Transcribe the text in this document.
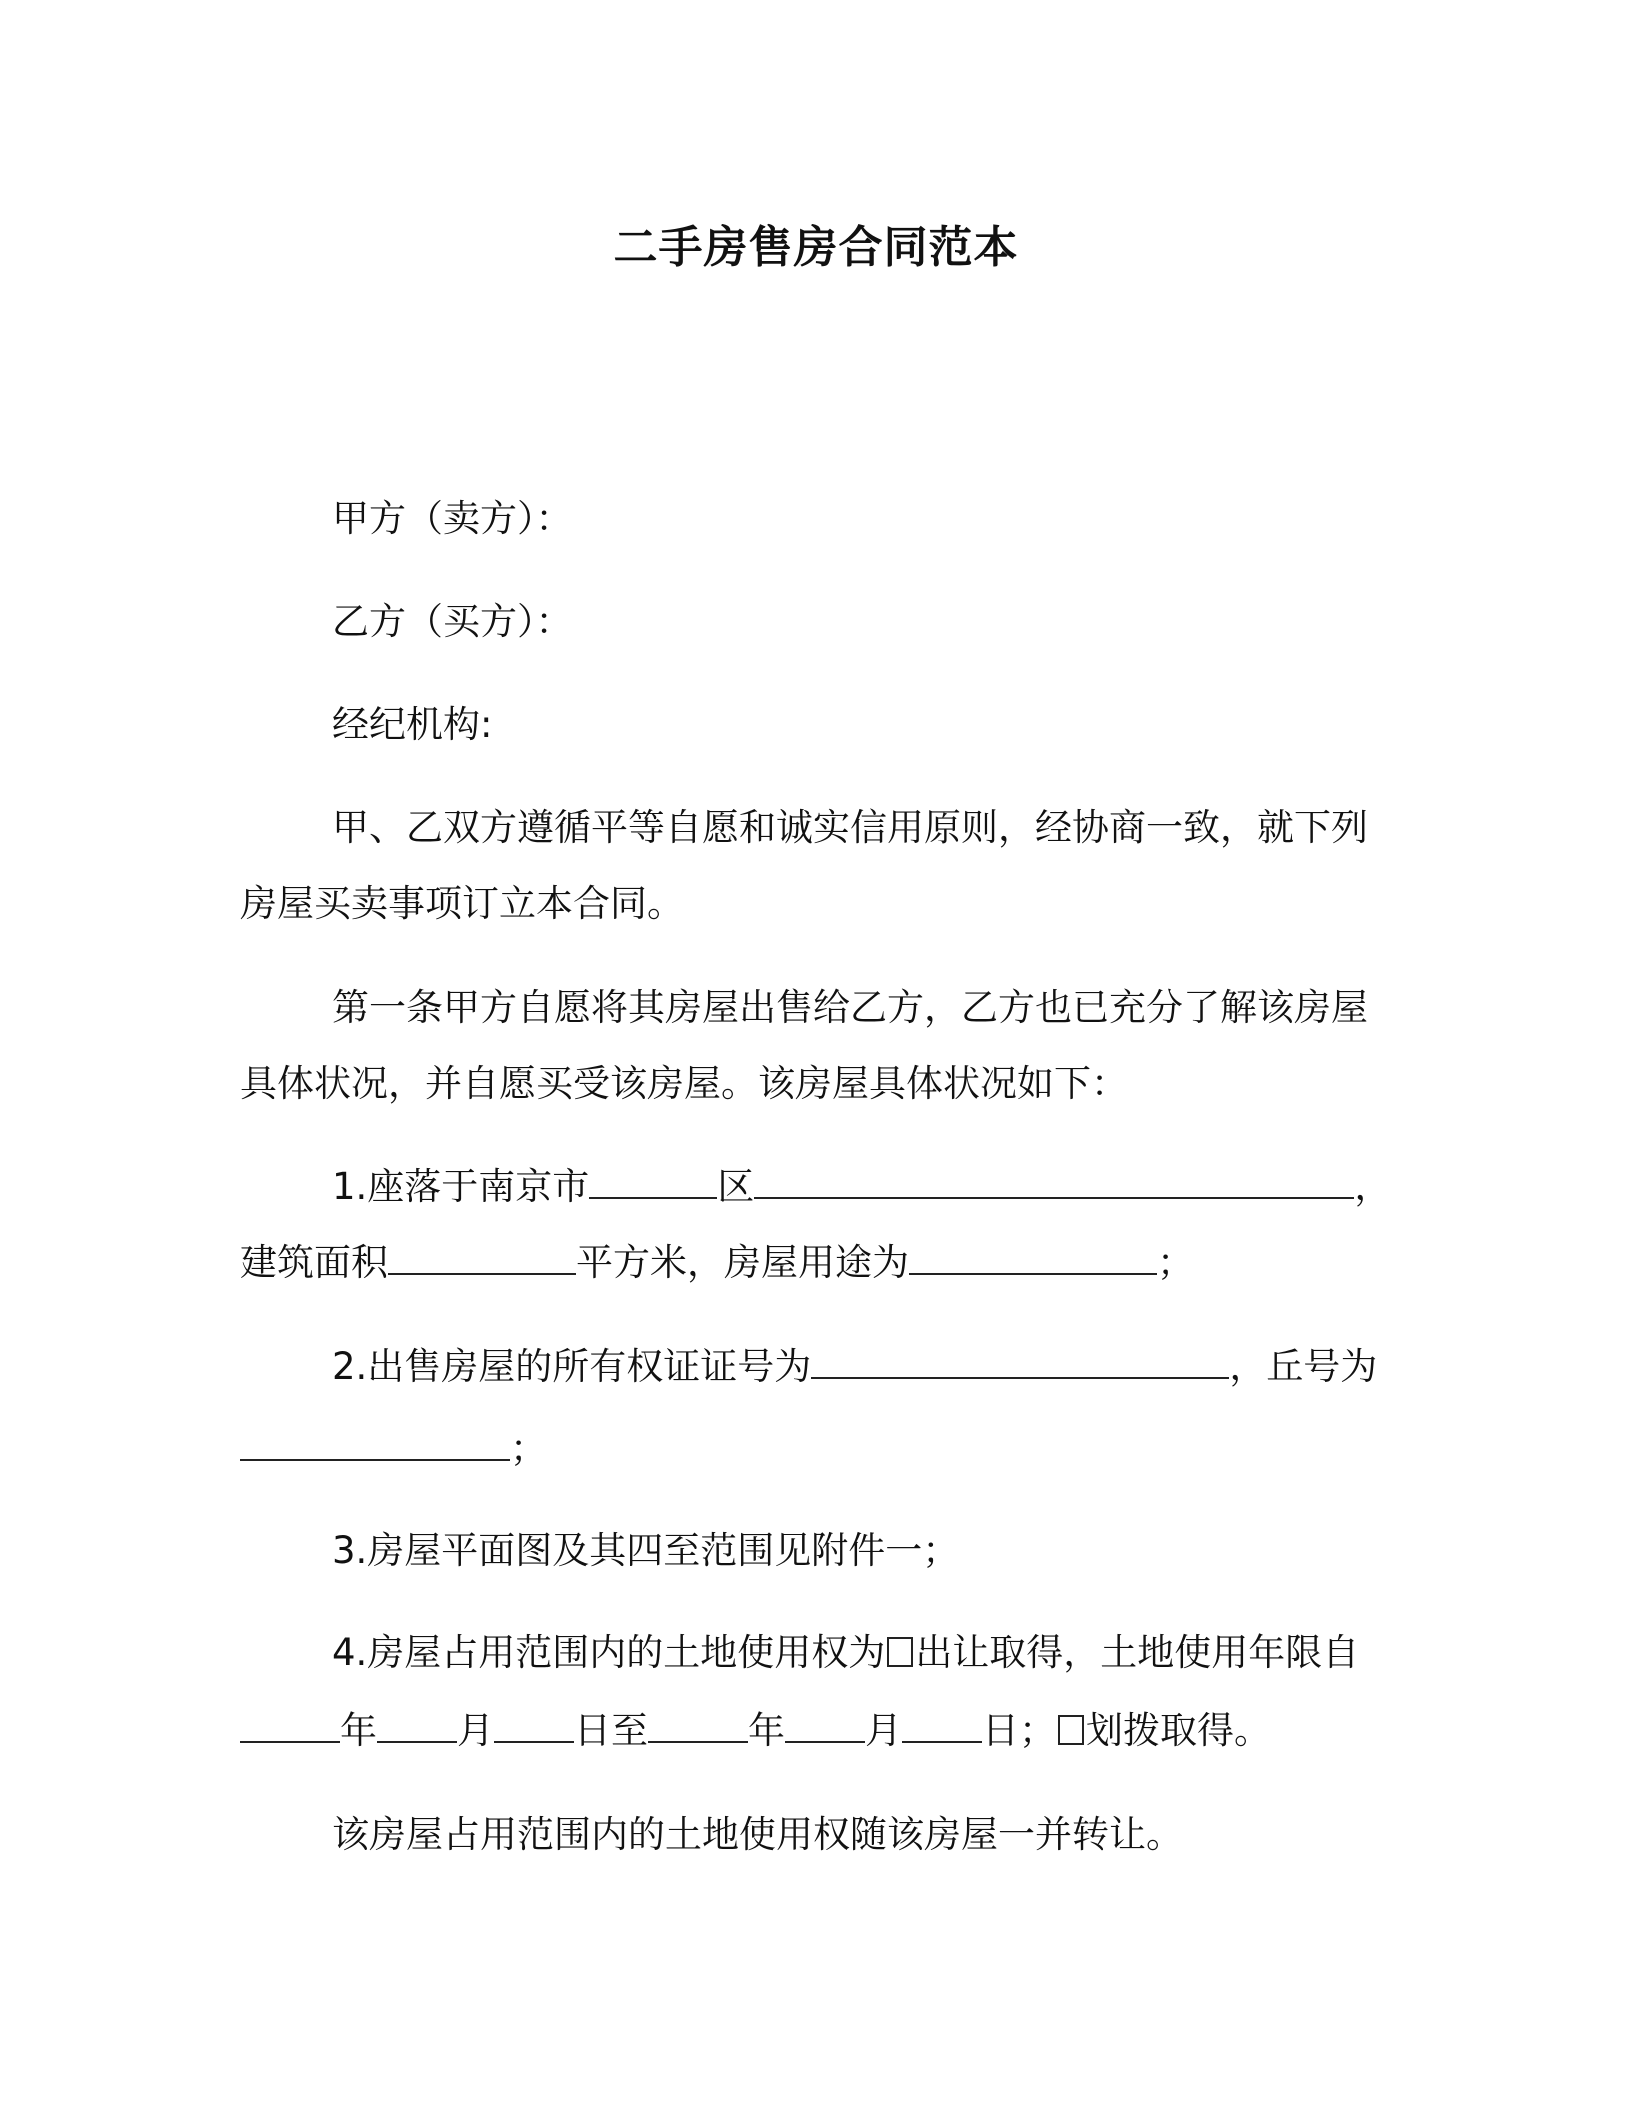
二手房售房合同范本
甲方（卖方）：
乙方（买方）：
经纪机构:
甲、乙双方遵循平等自愿和诚实信用原则，经协商一致，就下列
房屋买卖事项订立本合同。
第一条甲方自愿将其房屋出售给乙方，乙方也已充分了解该房屋
具体状况，并自愿买受该房屋。该房屋具体状况如下：
1.座落于南京市	区	，
建筑面积	平方米，房屋用途为	；
2.出售房屋的所有权证证号为	，丘号为
；
3.房屋平面图及其四至范围见附件一；
4.房屋占用范围内的土地使用权为 出让取得，土地使用年限自
年 月 日至	年 月 日； 划拨取得。
该房屋占用范围内的土地使用权随该房屋一并转让。
